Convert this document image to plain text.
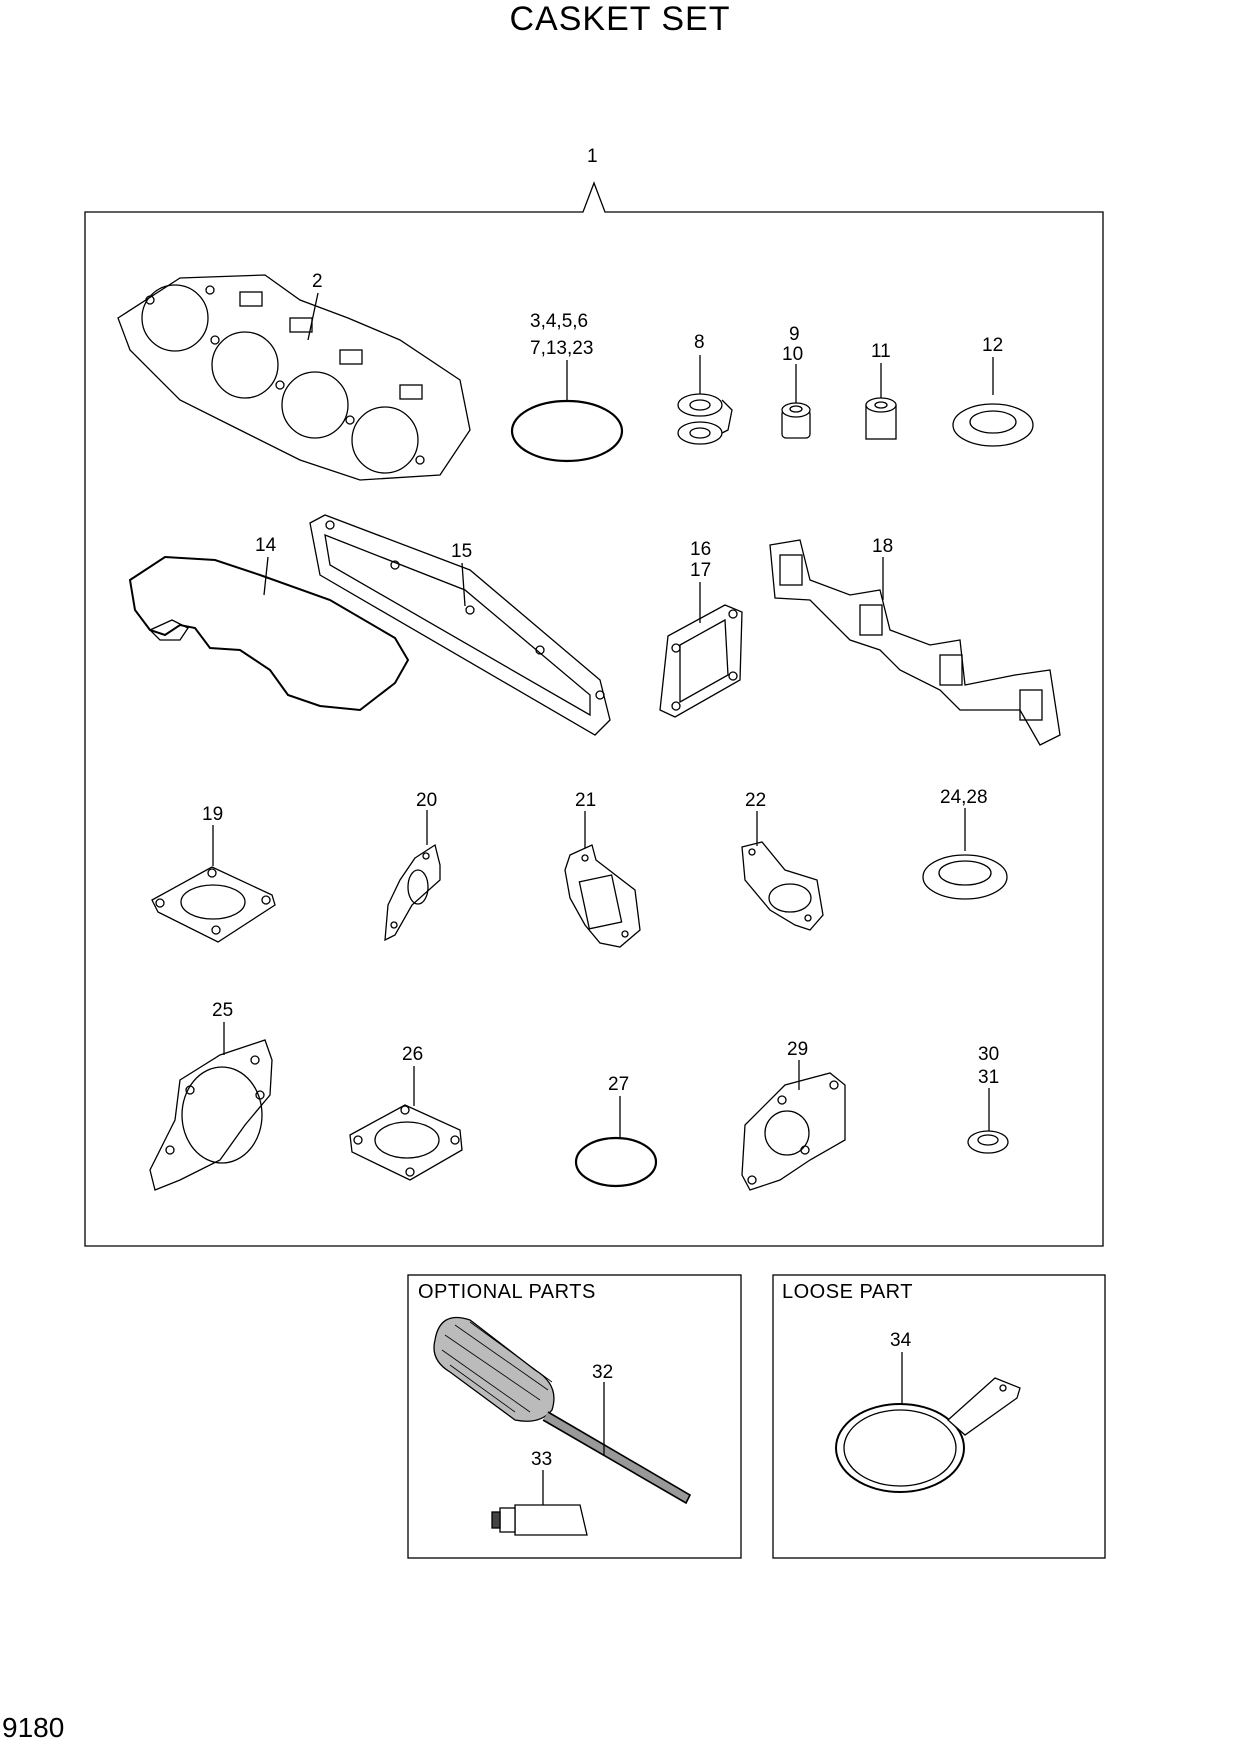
CASKET SET
1
2
3,4,5,6
7,13,23	8	9
10	11	12
14	15	16
17
18
19
20	21	22	24,28
25
26
27
29	30
31
32
33
34
OPTIONAL PARTS	LOOSE PART
9180
